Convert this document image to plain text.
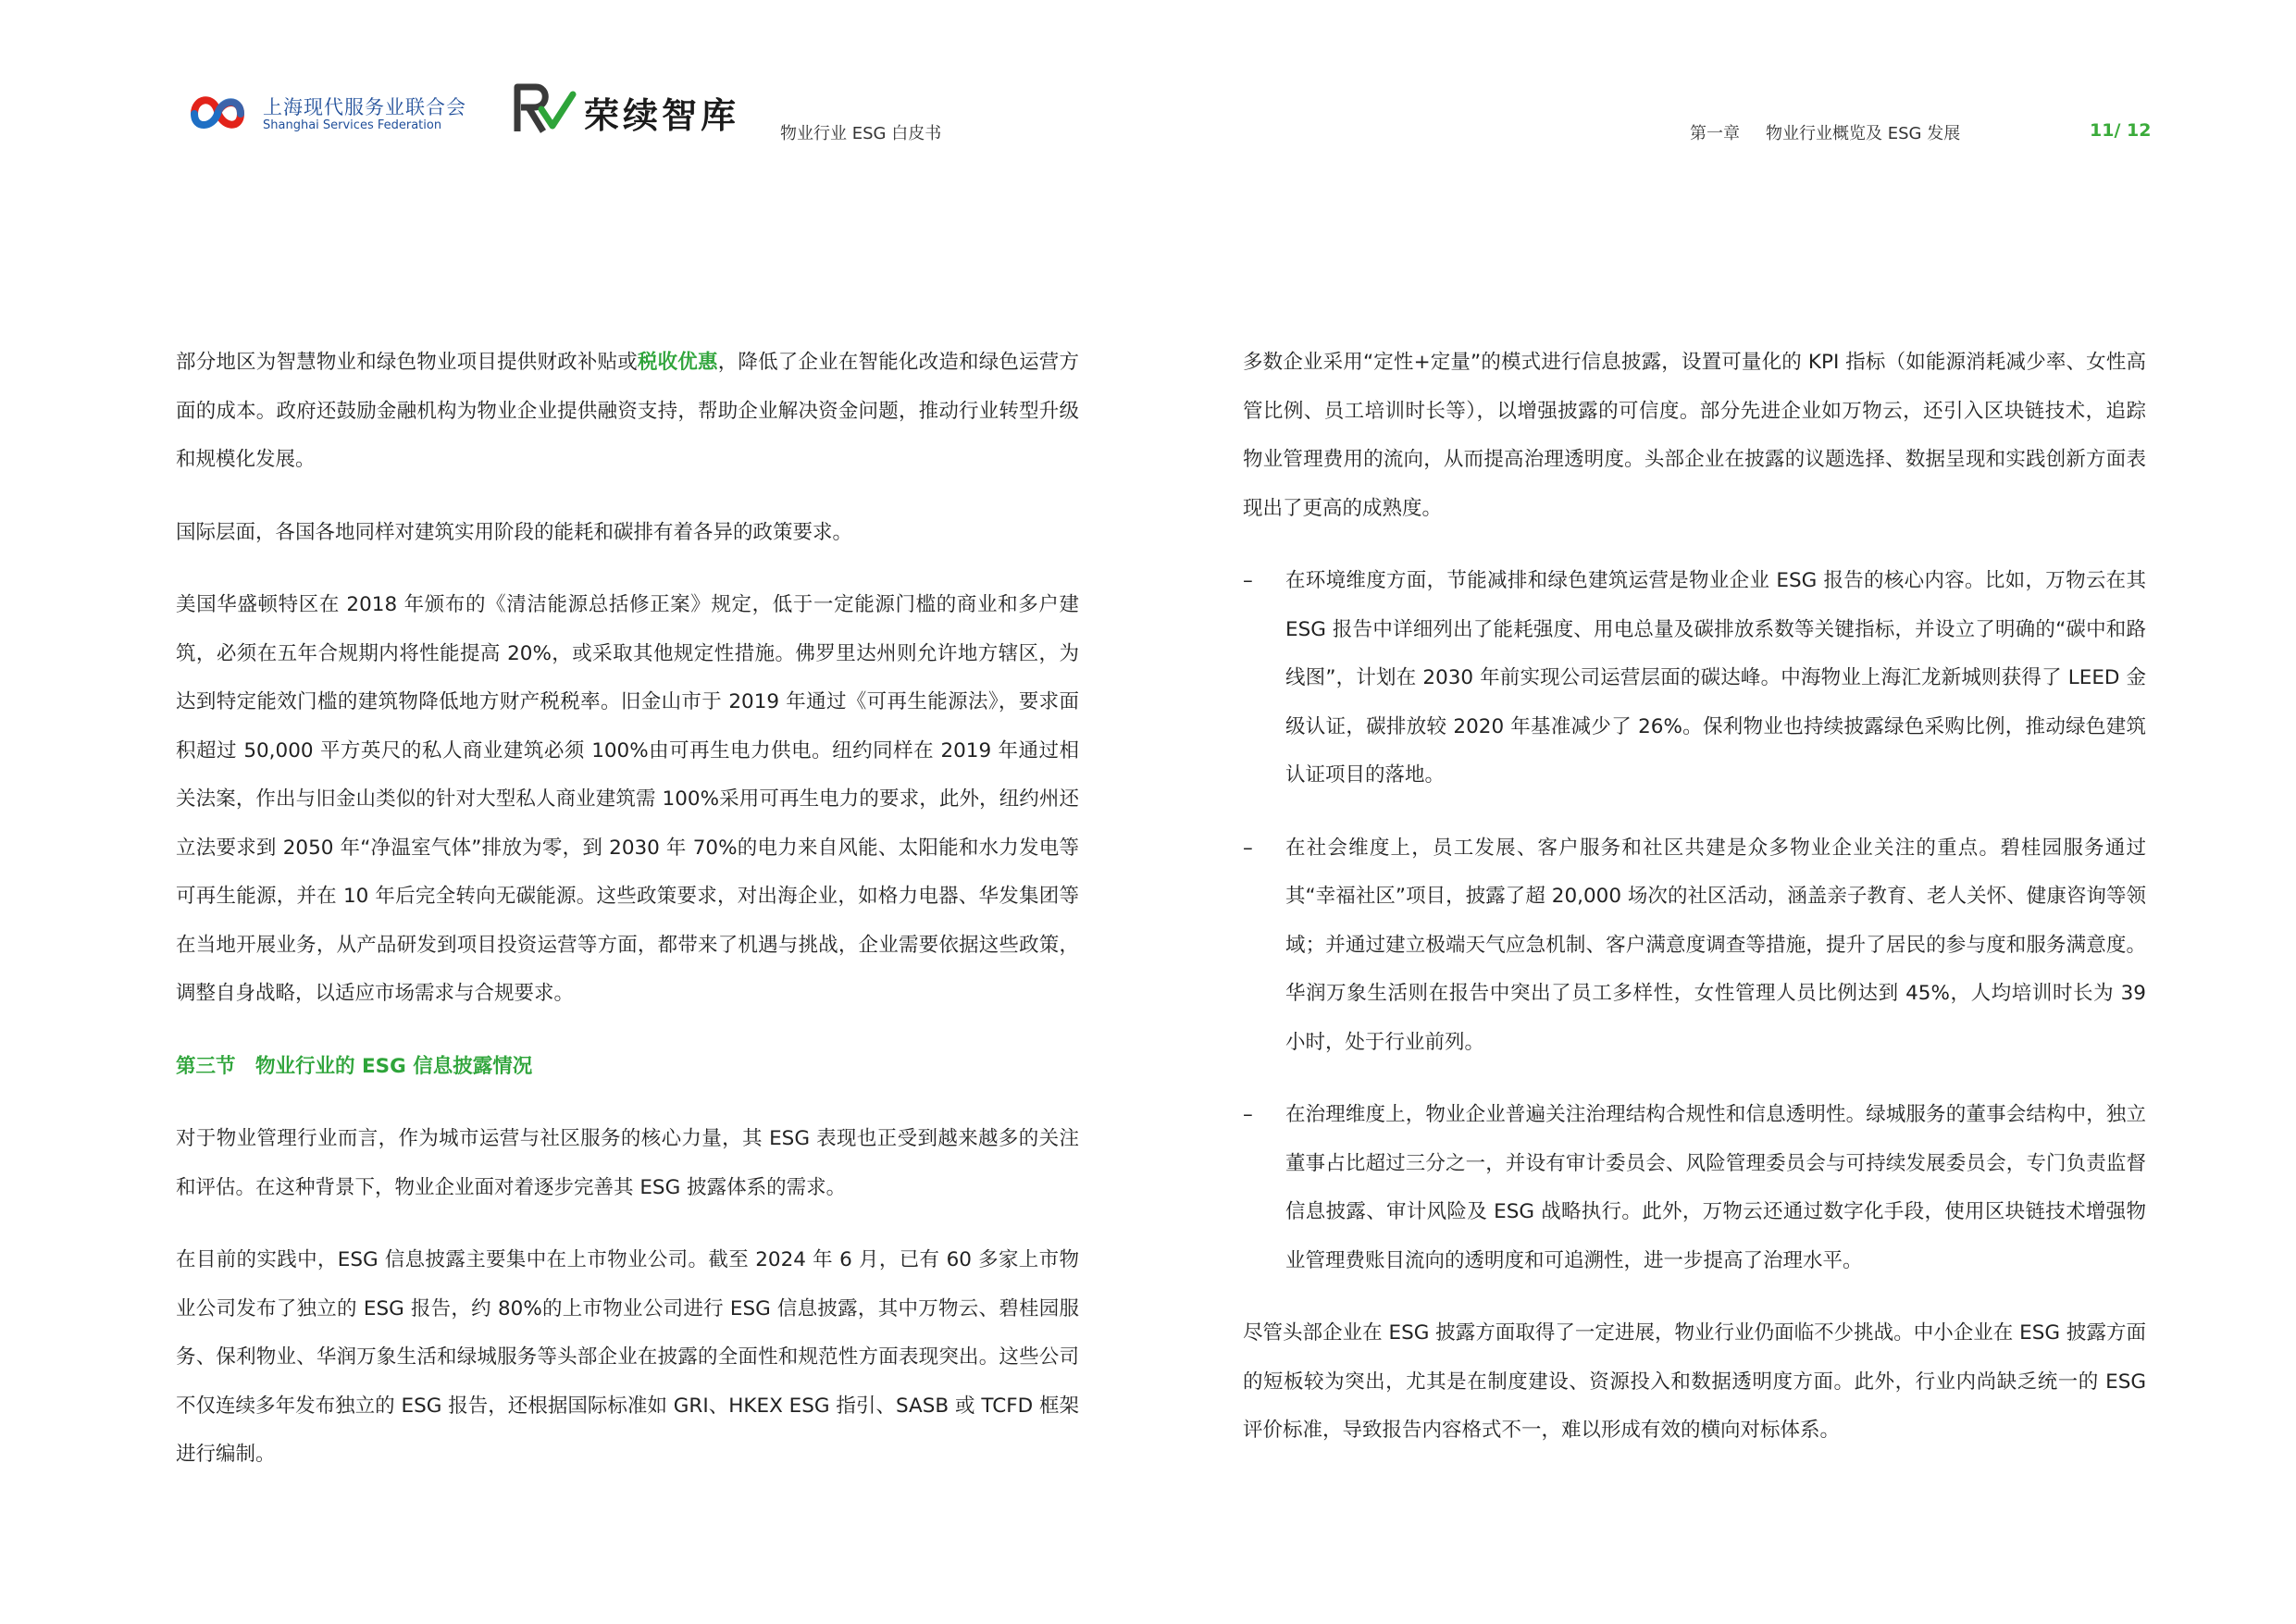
上海现代服务业联合会
Shanghai Services Federation	荣续智库 物业行业 ESG 白皮书	第一章 物业行业概览及 ESG 发展	11/ 12

部分地区为智慧物业和绿色物业项目提供财政补贴或税收优惠，降低了企业在智能化改造和绿色运营方面的成本。政府还鼓励金融机构为物业企业提供融资支持，帮助企业解决资金问题，推动行业转型升级和规模化发展。

国际层面，各国各地同样对建筑实用阶段的能耗和碳排有着各异的政策要求。

美国华盛顿特区在 2018 年颁布的《清洁能源总括修正案》规定，低于一定能源门槛的商业和多户建筑，必须在五年合规期内将性能提高 20%，或采取其他规定性措施。佛罗里达州则允许地方辖区，为达到特定能效门槛的建筑物降低地方财产税税率。旧金山市于 2019 年通过《可再生能源法》，要求面积超过 50,000 平方英尺的私人商业建筑必须 100%由可再生电力供电。纽约同样在 2019 年通过相关法案，作出与旧金山类似的针对大型私人商业建筑需 100%采用可再生电力的要求，此外，纽约州还立法要求到 2050 年“净温室气体”排放为零，到 2030 年 70%的电力来自风能、太阳能和水力发电等可再生能源，并在 10 年后完全转向无碳能源。这些政策要求，对出海企业，如格力电器、华发集团等在当地开展业务，从产品研发到项目投资运营等方面，都带来了机遇与挑战，企业需要依据这些政策，调整自身战略，以适应市场需求与合规要求。

第三节　物业行业的 ESG 信息披露情况

对于物业管理行业而言，作为城市运营与社区服务的核心力量，其 ESG 表现也正受到越来越多的关注和评估。在这种背景下，物业企业面对着逐步完善其 ESG 披露体系的需求。

在目前的实践中，ESG 信息披露主要集中在上市物业公司。截至 2024 年 6 月，已有 60 多家上市物业公司发布了独立的 ESG 报告，约 80%的上市物业公司进行 ESG 信息披露，其中万物云、碧桂园服务、保利物业、华润万象生活和绿城服务等头部企业在披露的全面性和规范性方面表现突出。这些公司不仅连续多年发布独立的 ESG 报告，还根据国际标准如 GRI、HKEX ESG 指引、SASB 或 TCFD 框架进行编制。

多数企业采用“定性+定量”的模式进行信息披露，设置可量化的 KPI 指标（如能源消耗减少率、女性高管比例、员工培训时长等），以增强披露的可信度。部分先进企业如万物云，还引入区块链技术，追踪物业管理费用的流向，从而提高治理透明度。头部企业在披露的议题选择、数据呈现和实践创新方面表现出了更高的成熟度。

– 在环境维度方面，节能减排和绿色建筑运营是物业企业 ESG 报告的核心内容。比如，万物云在其 ESG 报告中详细列出了能耗强度、用电总量及碳排放系数等关键指标，并设立了明确的“碳中和路线图”，计划在 2030 年前实现公司运营层面的碳达峰。中海物业上海汇龙新城则获得了 LEED 金级认证，碳排放较 2020 年基准减少了 26%。保利物业也持续披露绿色采购比例，推动绿色建筑认证项目的落地。
– 在社会维度上，员工发展、客户服务和社区共建是众多物业企业关注的重点。碧桂园服务通过其“幸福社区”项目，披露了超 20,000 场次的社区活动，涵盖亲子教育、老人关怀、健康咨询等领域；并通过建立极端天气应急机制、客户满意度调查等措施，提升了居民的参与度和服务满意度。华润万象生活则在报告中突出了员工多样性，女性管理人员比例达到 45%，人均培训时长为 39 小时，处于行业前列。
– 在治理维度上，物业企业普遍关注治理结构合规性和信息透明性。绿城服务的董事会结构中，独立董事占比超过三分之一，并设有审计委员会、风险管理委员会与可持续发展委员会，专门负责监督信息披露、审计风险及 ESG 战略执行。此外，万物云还通过数字化手段，使用区块链技术增强物业管理费账目流向的透明度和可追溯性，进一步提高了治理水平。

尽管头部企业在 ESG 披露方面取得了一定进展，物业行业仍面临不少挑战。中小企业在 ESG 披露方面的短板较为突出，尤其是在制度建设、资源投入和数据透明度方面。此外，行业内尚缺乏统一的 ESG 评价标准，导致报告内容格式不一，难以形成有效的横向对标体系。
